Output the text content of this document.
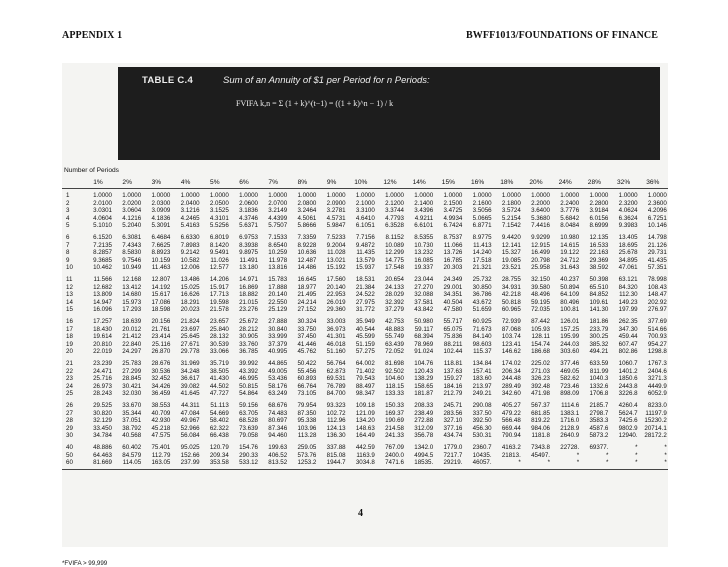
APPENDIX 1	BWFF1013/FOUNDATIONS OF FINANCE
TABLE C.4	Sum of an Annuity of $1 per Period for n Periods:
FVIFA k,n = Σ (1 + k)^(t−1) = ((1 + k)^n − 1) / k
Number of Periods
1%	2%	3%	4%	5%	6%	7%	8%	9%	10%	12%	14%	15%	16%	18%	20%	24%	28%	32%	36%
1	1.0000	1.0000	1.0000	1.0000	1.0000	1.0000	1.0000	1.0000	1.0000	1.0000	1.0000	1.0000	1.0000	1.0000	1.0000	1.0000	1.0000	1.0000	1.0000	1.0000
2	2.0100	2.0200	2.0300	2.0400	2.0500	2.0600	2.0700	2.0800	2.0900	2.1000	2.1200	2.1400	2.1500	2.1600	2.1800	2.2000	2.2400	2.2800	2.3200	2.3600
3	3.0301	3.0604	3.0909	3.1216	3.1525	3.1836	3.2149	3.2464	3.2781	3.3100	3.3744	3.4396	3.4725	3.5056	3.5724	3.6400	3.7776	3.9184	4.0624	4.2096
4	4.0604	4.1216	4.1836	4.2465	4.3101	4.3746	4.4399	4.5061	4.5731	4.6410	4.7793	4.9211	4.9934	5.0665	5.2154	5.3680	5.6842	6.0156	6.3624	6.7251
5	5.1010	5.2040	5.3091	5.4163	5.5256	5.6371	5.7507	5.8666	5.9847	6.1051	6.3528	6.6101	6.7424	6.8771	7.1542	7.4416	8.0484	8.6999	9.3983	10.146
6	6.1520	6.3081	6.4684	6.6330	6.8019	6.9753	7.1533	7.3359	7.5233	7.7156	8.1152	8.5355	8.7537	8.9775	9.4420	9.9299	10.980	12.135	13.405	14.798
7	7.2135	7.4343	7.6625	7.8983	8.1420	8.3938	8.6540	8.9228	9.2004	9.4872	10.089	10.730	11.066	11.413	12.141	12.915	14.615	16.533	18.695	21.126
8	8.2857	8.5830	8.8923	9.2142	9.5491	9.8975	10.259	10.636	11.028	11.435	12.299	13.232	13.726	14.240	15.327	16.499	19.122	22.163	25.678	29.731
9	9.3685	9.7546	10.159	10.582	11.026	11.491	11.978	12.487	13.021	13.579	14.775	16.085	16.785	17.518	19.085	20.798	24.712	29.369	34.895	41.435
10	10.462	10.949	11.463	12.006	12.577	13.180	13.816	14.486	15.192	15.937	17.548	19.337	20.303	21.321	23.521	25.958	31.643	38.592	47.061	57.351
11	11.566	12.168	12.807	13.486	14.206	14.971	15.783	16.645	17.560	18.531	20.654	23.044	24.349	25.732	28.755	32.150	40.237	50.398	63.121	78.998
12	12.682	13.412	14.192	15.025	15.917	16.869	17.888	18.977	20.140	21.384	24.133	27.270	29.001	30.850	34.931	39.580	50.894	65.510	84.320	108.43
13	13.809	14.680	15.617	16.626	17.713	18.882	20.140	21.495	22.953	24.522	28.029	32.088	34.351	36.786	42.218	48.496	64.109	84.852	112.30	148.47
14	14.947	15.973	17.086	18.291	19.598	21.015	22.550	24.214	26.019	27.975	32.392	37.581	40.504	43.672	50.818	59.195	80.496	109.61	149.23	202.92
15	16.096	17.293	18.598	20.023	21.578	23.276	25.129	27.152	29.360	31.772	37.279	43.842	47.580	51.659	60.965	72.035	100.81	141.30	197.99	276.97
16	17.257	18.639	20.156	21.824	23.657	25.672	27.888	30.324	33.003	35.949	42.753	50.980	55.717	60.925	72.939	87.442	126.01	181.86	262.35	377.69
17	18.430	20.012	21.761	23.697	25.840	28.212	30.840	33.750	36.973	40.544	48.883	59.117	65.075	71.673	87.068	105.93	157.25	233.79	347.30	514.66
18	19.614	21.412	23.414	25.645	28.132	30.905	33.999	37.450	41.301	45.599	55.749	68.394	75.836	84.140	103.74	128.11	195.99	300.25	459.44	700.93
19	20.810	22.840	25.116	27.671	30.539	33.760	37.379	41.446	46.018	51.159	63.439	78.969	88.211	98.603	123.41	154.74	244.03	385.32	607.47	954.27
20	22.019	24.297	26.870	29.778	33.066	36.785	40.995	45.762	51.160	57.275	72.052	91.024	102.44	115.37	146.62	186.68	303.60	494.21	802.86	1298.8
21	23.239	25.783	28.676	31.969	35.719	39.992	44.865	50.422	56.764	64.002	81.698	104.76	118.81	134.84	174.02	225.02	377.46	633.59	1060.7	1767.3
22	24.471	27.299	30.536	34.248	38.505	43.392	49.005	55.456	62.873	71.402	92.502	120.43	137.63	157.41	206.34	271.03	469.05	811.99	1401.2	2404.6
23	25.716	28.845	32.452	36.617	41.430	46.995	53.436	60.893	69.531	79.543	104.60	138.29	159.27	183.60	244.48	326.23	582.62	1040.3	1850.6	3271.3
24	26.973	30.421	34.426	39.082	44.502	50.815	58.176	66.764	76.789	88.497	118.15	158.65	184.16	213.97	289.49	392.48	723.46	1332.6	2443.8	4449.9
25	28.243	32.030	36.459	41.645	47.727	54.864	63.249	73.105	84.700	98.347	133.33	181.87	212.79	249.21	342.60	471.98	898.09	1706.8	3226.8	6052.9
26	29.525	33.670	38.553	44.311	51.113	59.156	68.676	79.954	93.323	109.18	150.33	208.33	245.71	290.08	405.27	567.37	1114.6	2185.7	4260.4	8233.0
27	30.820	35.344	40.709	47.084	54.669	63.705	74.483	87.350	102.72	121.09	169.37	238.49	283.56	337.50	479.22	681.85	1383.1	2798.7	5624.7	11197.9
28	32.129	37.051	42.930	49.967	58.402	68.528	80.697	95.338	112.96	134.20	190.69	272.88	327.10	392.50	566.48	819.22	1716.0	3583.3	7425.6	15230.2
29	33.450	38.792	45.218	52.966	62.322	73.639	87.346	103.96	124.13	148.63	214.58	312.09	377.16	456.30	669.44	984.06	2128.9	4587.6	9802.9	20714.1
30	34.784	40.568	47.575	56.084	66.438	79.058	94.460	113.28	136.30	164.49	241.33	356.78	434.74	530.31	790.94	1181.8	2640.9	5873.2	12940.	28172.2
40	48.886	60.402	75.401	95.025	120.79	154.76	199.63	259.05	337.88	442.59	767.09	1342.0	1779.0	2360.7	4163.2	7343.8	22728.	69377.	*	*
50	64.463	84.579	112.79	152.66	209.34	290.33	406.52	573.76	815.08	1163.9	2400.0	4994.5	7217.7	10435.	21813.	45497.	*	*	*	*
60	81.669	114.05	163.05	237.99	353.58	533.12	813.52	1253.2	1944.7	3034.8	7471.6	18535.	29219.	46057.	*	*	*	*	*	*
*FVIFA > 99,999
4
